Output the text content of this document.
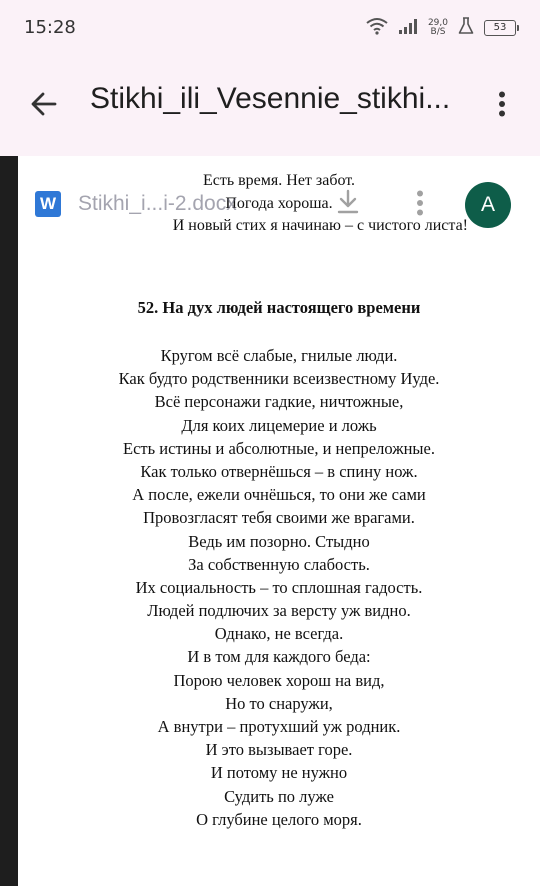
15:28	29,0
B/S	53
Stikhi_ili_Vesennie_stikhi...
Есть время. Нет забот.
Погода хороша.
И новый стих я начинаю – с чистого листа!
52. На дух людей настоящего времени
Кругом всё слабые, гнилые люди.
Как будто родственники всеизвестному Иуде.
Всё персонажи гадкие, ничтожные,
Для коих лицемерие и ложь
Есть истины и абсолютные, и непреложные.
Как только отвернёшься – в спину нож.
А после, ежели очнёшься, то они же сами
Провозгласят тебя своими же врагами.
Ведь им позорно. Стыдно
За собственную слабость.
Их социальность – то сплошная гадость.
Людей подлючих за версту уж видно.
Однако, не всегда.
И в том для каждого беда:
Порою человек хорош на вид,
Но то снаружи,
А внутри – протухший уж родник.
И это вызывает горе.
И потому не нужно
Судить по луже
О глубине целого моря.
W Stikhi_i...i-2.docx	A
